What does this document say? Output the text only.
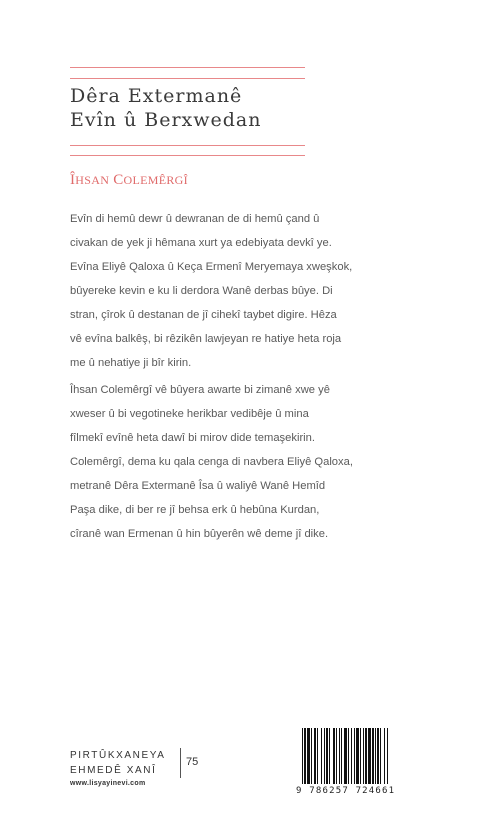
Dêra Extermanê
Evîn û Berxwedan
ÎHSAN COLEMÊRGÎ
Evîn di hemû dewr û dewranan de di hemû çand û
civakan de yek ji hêmana xurt ya edebiyata devkî ye.
Evîna Eliyê Qaloxa û Keça Ermenî Meryemaya xweşkok,
bûyereke kevin e ku li derdora Wanê derbas bûye. Di
stran, çîrok û destanan de jî cihekî taybet digire. Hêza
vê evîna balkêş, bi rêzikên lawjeyan re hatiye heta roja
me û nehatiye ji bîr kirin.
Îhsan Colemêrgî vê bûyera awarte bi zimanê xwe yê
xweser û bi vegotineke herikbar vedibêje û mina
fîlmekî evînê heta dawî bi mirov dide temaşekirin.
Colemêrgî, dema ku qala cenga di navbera Eliyê Qaloxa,
metranê Dêra Extermanê Îsa û waliyê Wanê Hemîd
Paşa dike, di ber re jî behsa erk û hebûna Kurdan,
cîranê wan Ermenan û hin bûyerên wê deme jî dike.
PIRTÛKXANEYA
EHMEDÊ XANÎ
75
www.lisyayinevi.com
9 786257 724661
